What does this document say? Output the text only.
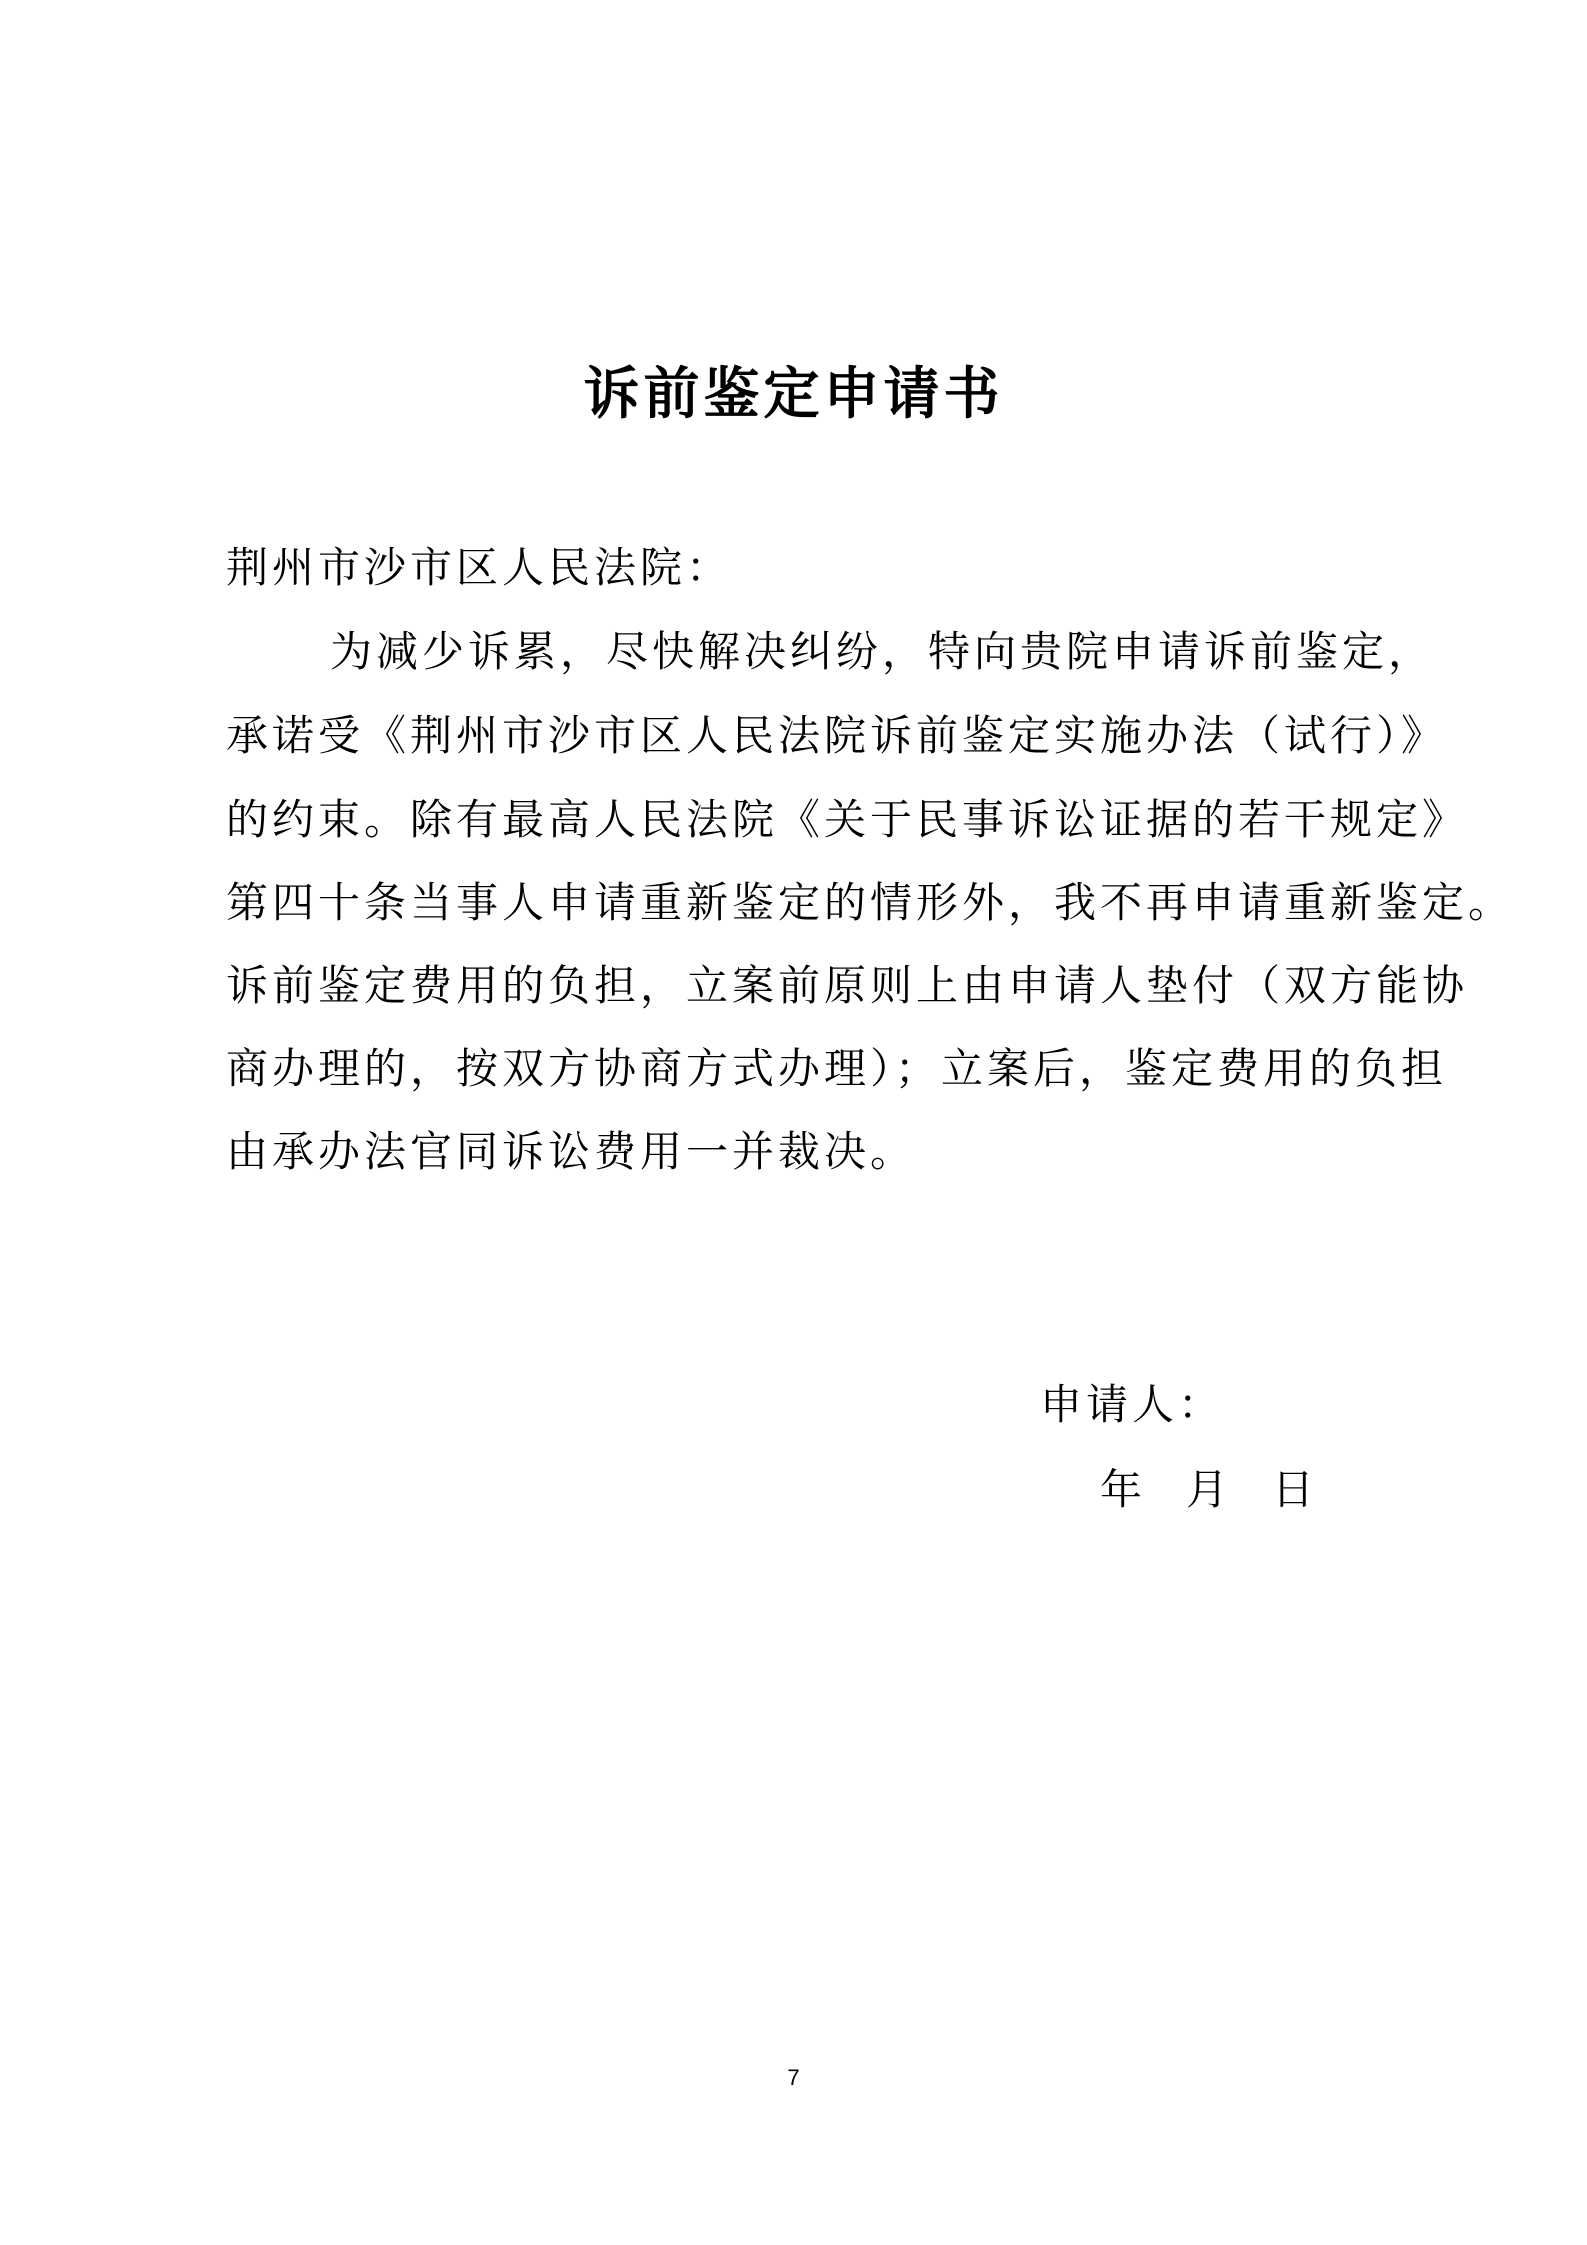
诉前鉴定申请书

荆州市沙市区人民法院：

为减少诉累，尽快解决纠纷，特向贵院申请诉前鉴定，

承诺受《荆州市沙市区人民法院诉前鉴定实施办法（试行）》

的约束。除有最高人民法院《关于民事诉讼证据的若干规定》

第四十条当事人申请重新鉴定的情形外，我不再申请重新鉴定。

诉前鉴定费用的负担，立案前原则上由申请人垫付（双方能协

商办理的，按双方协商方式办理）；立案后，鉴定费用的负担

由承办法官同诉讼费用一并裁决。

申请人：

年 月 日

7
